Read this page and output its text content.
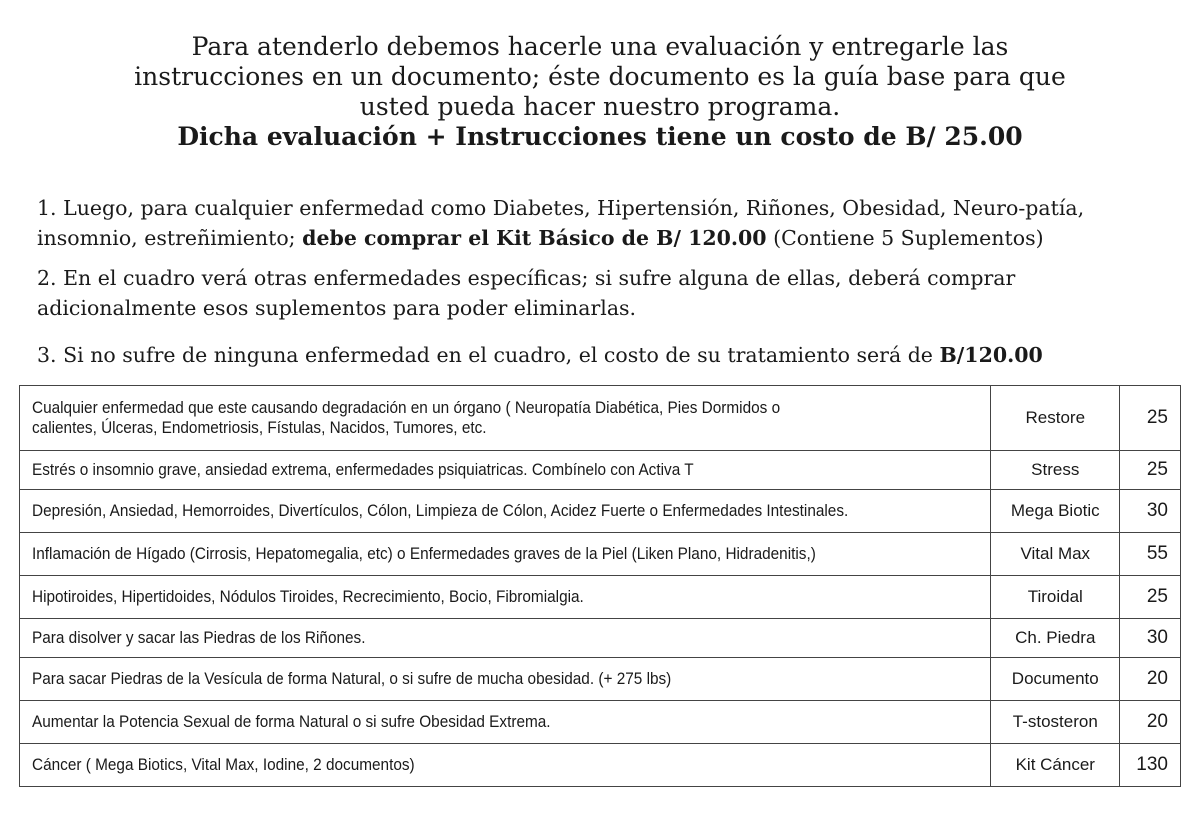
Para atenderlo debemos hacerle una evaluación y entregarle las
instrucciones en un documento; éste documento es la guía base para que
usted pueda hacer nuestro programa.
Dicha evaluación + Instrucciones tiene un costo de B/ 25.00

1. Luego, para cualquier enfermedad como Diabetes, Hipertensión, Riñones, Obesidad, Neuro-patía, insomnio, estreñimiento; debe comprar el Kit Básico de B/ 120.00 (Contiene 5 Suplementos)

2. En el cuadro verá otras enfermedades específicas; si sufre alguna de ellas, deberá comprar adicionalmente esos suplementos para poder eliminarlas.

3. Si no sufre de ninguna enfermedad en el cuadro, el costo de su tratamiento será de B/120.00

Cualquier enfermedad que este causando degradación en un órgano ( Neuropatía Diabética, Pies Dormidos o
calientes, Úlceras, Endometriosis, Fístulas, Nacidos, Tumores, etc.	Restore	25
Estrés o insomnio grave, ansiedad extrema, enfermedades psiquiatricas. Combínelo con Activa T	Stress	25
Depresión, Ansiedad, Hemorroides, Divertículos, Cólon, Limpieza de Cólon, Acidez Fuerte o Enfermedades Intestinales.	Mega Biotic	30
Inflamación de Hígado (Cirrosis, Hepatomegalia, etc) o Enfermedades graves de la Piel (Liken Plano, Hidradenitis,)	Vital Max	55
Hipotiroides, Hipertidoides, Nódulos Tiroides, Recrecimiento, Bocio, Fibromialgia.	Tiroidal	25
Para disolver y sacar las Piedras de los Riñones.	Ch. Piedra	30
Para sacar Piedras de la Vesícula de forma Natural, o si sufre de mucha obesidad. (+ 275 lbs)	Documento	20
Aumentar la Potencia Sexual de forma Natural o si sufre Obesidad Extrema.	T-stosteron	20
Cáncer ( Mega Biotics, Vital Max, Iodine, 2 documentos)	Kit Cáncer	130
